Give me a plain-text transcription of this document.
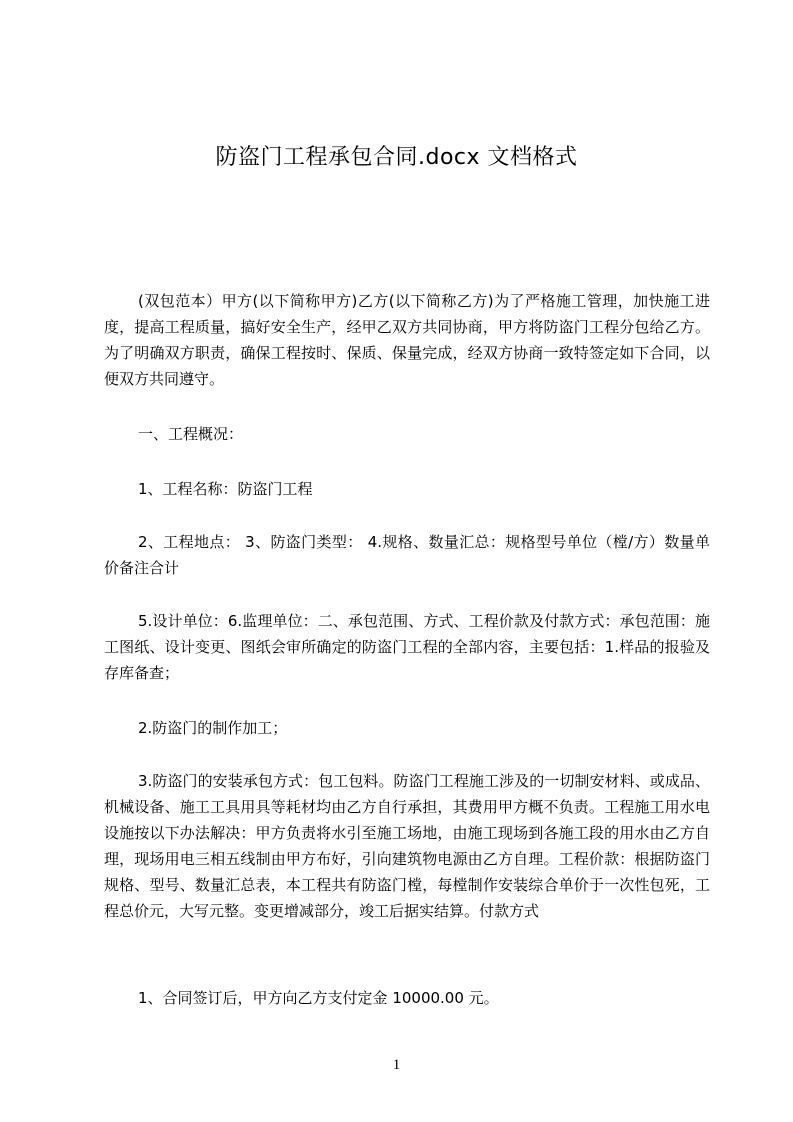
防盗门工程承包合同.docx 文档格式

(双包范本）甲方(以下简称甲方)乙方(以下简称乙方)为了严格施工管理，加快施工进度，提高工程质量，搞好安全生产，经甲乙双方共同协商，甲方将防盗门工程分包给乙方。为了明确双方职责，确保工程按时、保质、保量完成，经双方协商一致特签定如下合同，以便双方共同遵守。

一、工程概况：

1、工程名称：防盗门工程

2、工程地点： 3、防盗门类型： 4.规格、数量汇总：规格型号单位（樘/方）数量单价备注合计

5.设计单位：6.监理单位：二、承包范围、方式、工程价款及付款方式：承包范围：施工图纸、设计变更、图纸会审所确定的防盗门工程的全部内容，主要包括：1.样品的报验及存库备查；

2.防盗门的制作加工；

3.防盗门的安装承包方式：包工包料。防盗门工程施工涉及的一切制安材料、或成品、机械设备、施工工具用具等耗材均由乙方自行承担，其费用甲方概不负责。工程施工用水电设施按以下办法解决：甲方负责将水引至施工场地，由施工现场到各施工段的用水由乙方自理，现场用电三相五线制由甲方布好，引向建筑物电源由乙方自理。工程价款：根据防盗门规格、型号、数量汇总表，本工程共有防盗门樘，每樘制作安装综合单价于一次性包死，工程总价元，大写元整。变更增减部分，竣工后据实结算。付款方式

1、合同签订后，甲方向乙方支付定金 10000.00 元。

1
